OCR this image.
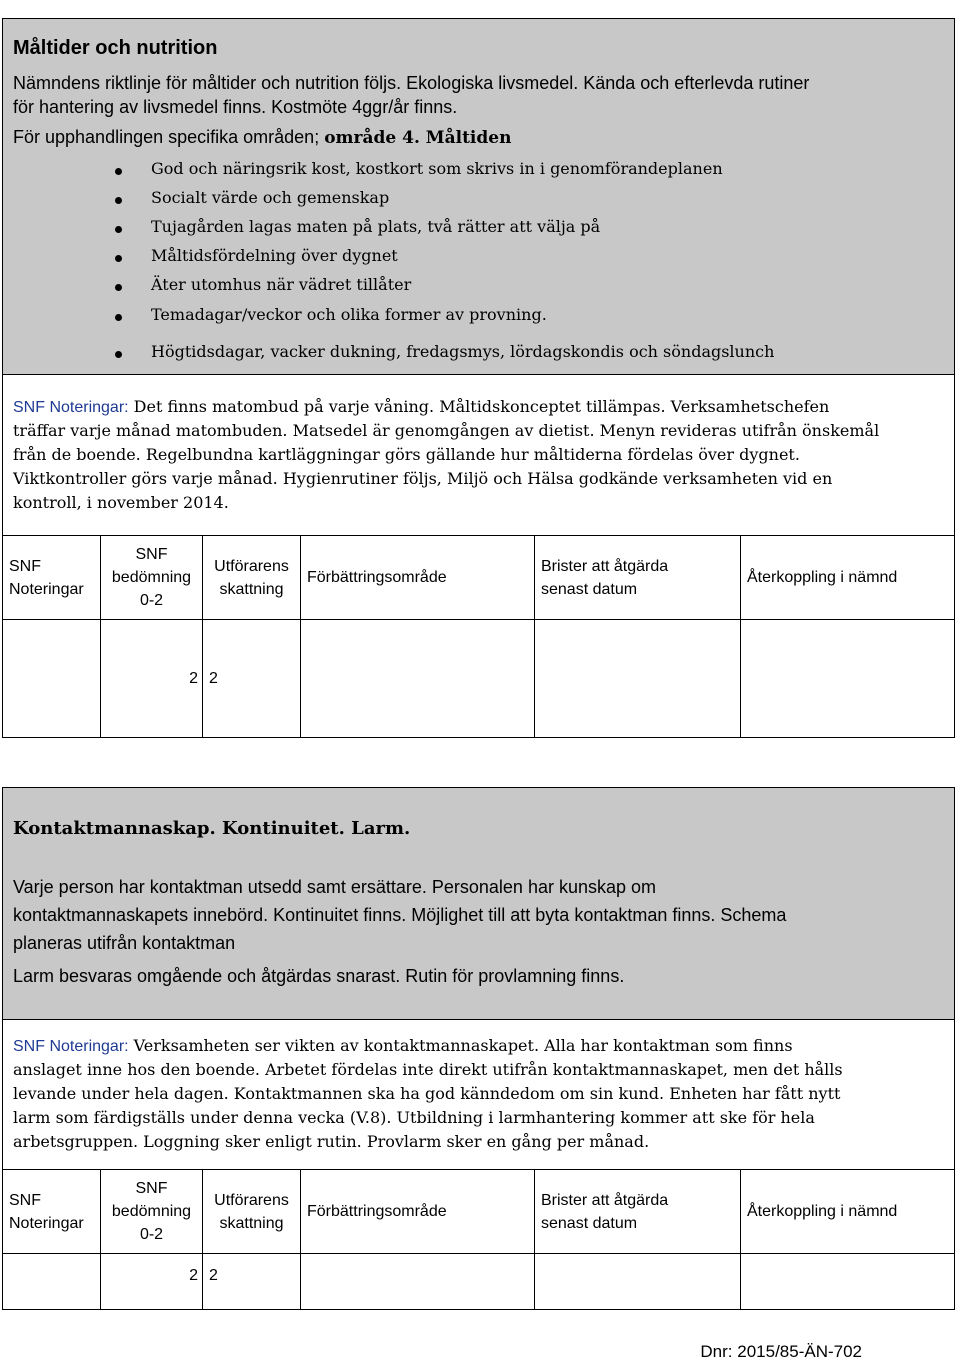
Måltider och nutrition
Nämndens riktlinje för måltider och nutrition följs. Ekologiska livsmedel. Kända och efterlevda rutiner
för hantering av livsmedel finns. Kostmöte 4ggr/år finns.
För upphandlingen specifika områden; område 4. Måltiden
God och näringsrik kost, kostkort som skrivs in i genomförandeplanen
Socialt värde och gemenskap
Tujagården lagas maten på plats, två rätter att välja på
Måltidsfördelning över dygnet
Äter utomhus när vädret tillåter
Temadagar/veckor och olika former av provning.
Högtidsdagar, vacker dukning, fredagsmys, lördagskondis och söndagslunch
SNF Noteringar: Det finns matombud på varje våning. Måltidskonceptet tillämpas. Verksamhetschefen
träffar varje månad matombuden. Matsedel är genomgången av dietist. Menyn revideras utifrån önskemål
från de boende. Regelbundna kartläggningar görs gällande hur måltiderna fördelas över dygnet.
Viktkontroller görs varje månad. Hygienrutiner följs, Miljö och Hälsa godkände verksamheten vid en
kontroll, i november 2014.
SNF
Noteringar	SNF
bedömning
0-2	Utförarens
skattning	Förbättringsområde	Brister att åtgärda
senast datum	Återkoppling i nämnd
	2	2			
Kontaktmannaskap. Kontinuitet. Larm.
Varje person har kontaktman utsedd samt ersättare. Personalen har kunskap om
kontaktmannaskapets innebörd. Kontinuitet finns. Möjlighet till att byta kontaktman finns. Schema
planeras utifrån kontaktman
Larm besvaras omgående och åtgärdas snarast. Rutin för provlamning finns.
SNF Noteringar: Verksamheten ser vikten av kontaktmannaskapet. Alla har kontaktman som finns
anslaget inne hos den boende. Arbetet fördelas inte direkt utifrån kontaktmannaskapet, men det hålls
levande under hela dagen. Kontaktmannen ska ha god känndedom om sin kund. Enheten har fått nytt
larm som färdigställs under denna vecka (V.8). Utbildning i larmhantering kommer att ske för hela
arbetsgruppen. Loggning sker enligt rutin. Provlarm sker en gång per månad.
SNF
Noteringar	SNF
bedömning
0-2	Utförarens
skattning	Förbättringsområde	Brister att åtgärda
senast datum	Återkoppling i nämnd
	2	2			
Dnr: 2015/85-ÄN-702
